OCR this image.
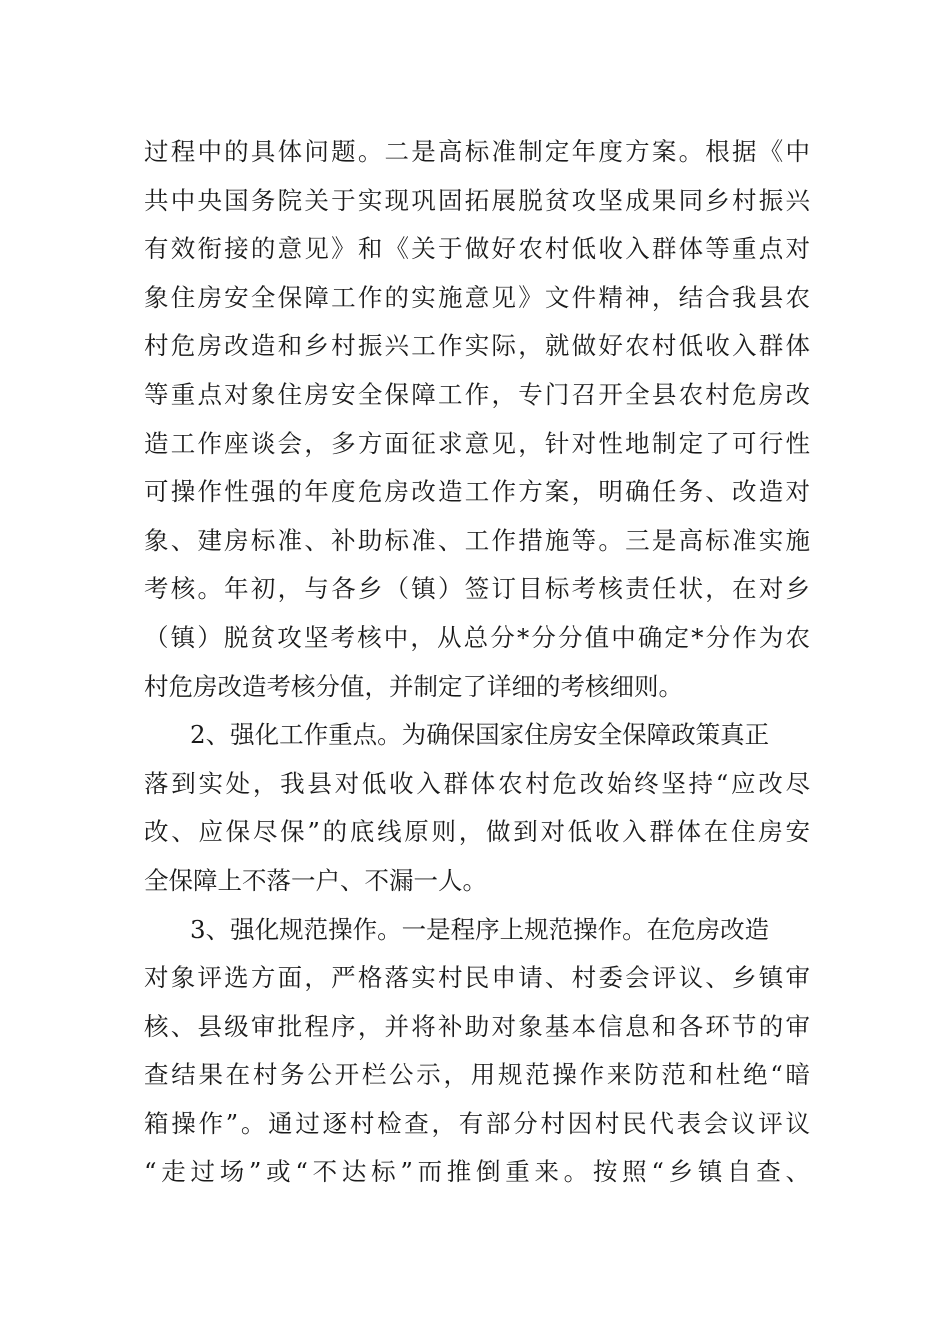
过程中的具体问题。二是高标准制定年度方案。根据《中
共中央国务院关于实现巩固拓展脱贫攻坚成果同乡村振兴
有效衔接的意见》和《关于做好农村低收入群体等重点对
象住房安全保障工作的实施意见》文件精神，结合我县农
村危房改造和乡村振兴工作实际，就做好农村低收入群体
等重点对象住房安全保障工作，专门召开全县农村危房改
造工作座谈会，多方面征求意见，针对性地制定了可行性
可操作性强的年度危房改造工作方案，明确任务、改造对
象、建房标准、补助标准、工作措施等。三是高标准实施
考核。年初，与各乡（镇）签订目标考核责任状，在对乡
（镇）脱贫攻坚考核中，从总分*分分值中确定*分作为农
村危房改造考核分值，并制定了详细的考核细则。
2、强化工作重点。为确保国家住房安全保障政策真正
落到实处，我县对低收入群体农村危改始终坚持“应改尽
改、应保尽保”的底线原则，做到对低收入群体在住房安
全保障上不落一户、不漏一人。
3、强化规范操作。一是程序上规范操作。在危房改造
对象评选方面，严格落实村民申请、村委会评议、乡镇审
核、县级审批程序，并将补助对象基本信息和各环节的审
查结果在村务公开栏公示，用规范操作来防范和杜绝“暗
箱操作”。通过逐村检查，有部分村因村民代表会议评议
“走过场”或“不达标”而推倒重来。按照“乡镇自查、
